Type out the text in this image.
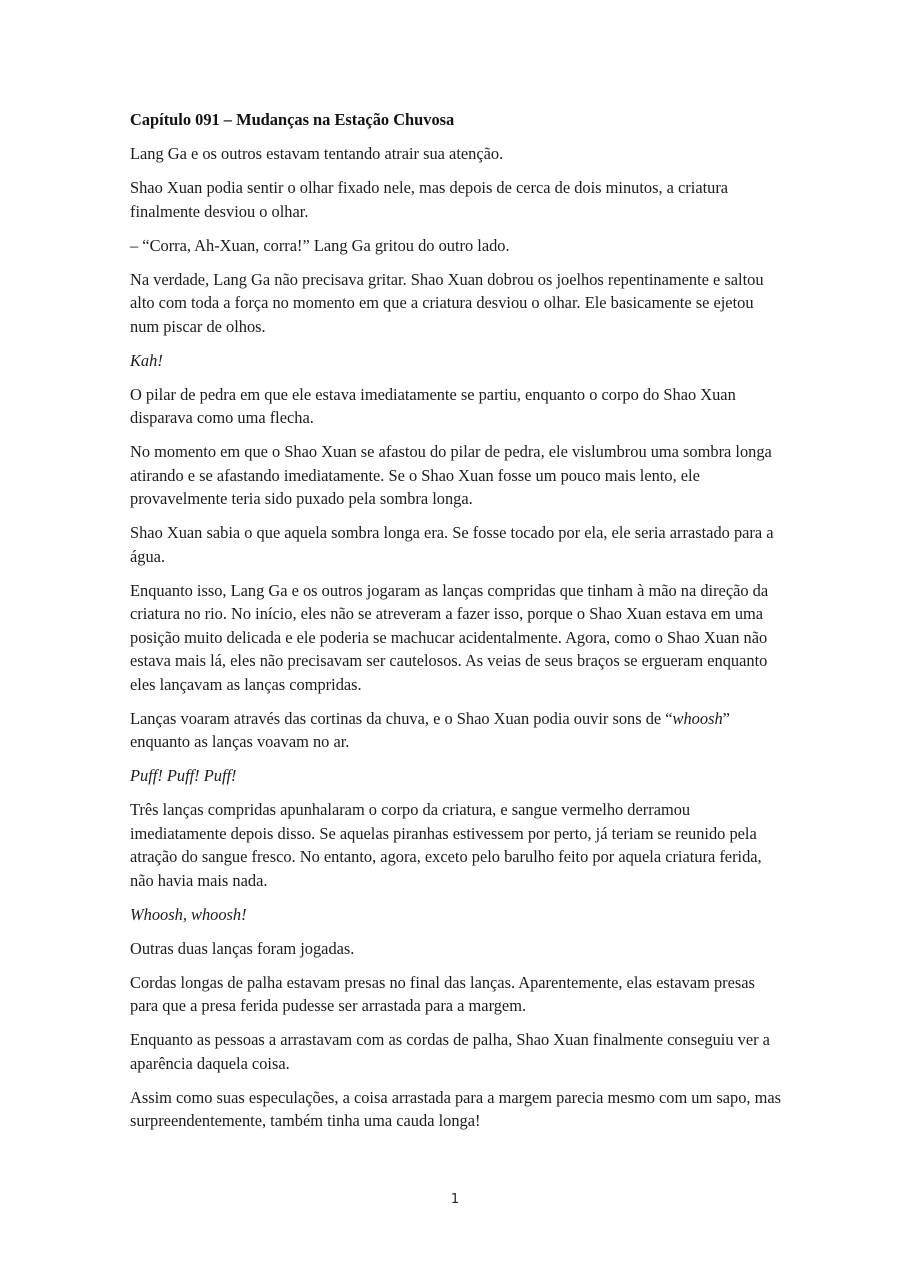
Capítulo 091 – Mudanças na Estação Chuvosa

Lang Ga e os outros estavam tentando atrair sua atenção.

Shao Xuan podia sentir o olhar fixado nele, mas depois de cerca de dois minutos, a criatura finalmente desviou o olhar.

– “Corra, Ah-Xuan, corra!” Lang Ga gritou do outro lado.

Na verdade, Lang Ga não precisava gritar. Shao Xuan dobrou os joelhos repentinamente e saltou alto com toda a força no momento em que a criatura desviou o olhar. Ele basicamente se ejetou num piscar de olhos.

Kah!

O pilar de pedra em que ele estava imediatamente se partiu, enquanto o corpo do Shao Xuan disparava como uma flecha.

No momento em que o Shao Xuan se afastou do pilar de pedra, ele vislumbrou uma sombra longa atirando e se afastando imediatamente. Se o Shao Xuan fosse um pouco mais lento, ele provavelmente teria sido puxado pela sombra longa.

Shao Xuan sabia o que aquela sombra longa era. Se fosse tocado por ela, ele seria arrastado para a água.

Enquanto isso, Lang Ga e os outros jogaram as lanças compridas que tinham à mão na direção da criatura no rio. No início, eles não se atreveram a fazer isso, porque o Shao Xuan estava em uma posição muito delicada e ele poderia se machucar acidentalmente. Agora, como o Shao Xuan não estava mais lá, eles não precisavam ser cautelosos. As veias de seus braços se ergueram enquanto eles lançavam as lanças compridas.

Lanças voaram através das cortinas da chuva, e o Shao Xuan podia ouvir sons de “whoosh” enquanto as lanças voavam no ar.

Puff! Puff! Puff!

Três lanças compridas apunhalaram o corpo da criatura, e sangue vermelho derramou imediatamente depois disso. Se aquelas piranhas estivessem por perto, já teriam se reunido pela atração do sangue fresco. No entanto, agora, exceto pelo barulho feito por aquela criatura ferida, não havia mais nada.

Whoosh, whoosh!

Outras duas lanças foram jogadas.

Cordas longas de palha estavam presas no final das lanças. Aparentemente, elas estavam presas para que a presa ferida pudesse ser arrastada para a margem.

Enquanto as pessoas a arrastavam com as cordas de palha, Shao Xuan finalmente conseguiu ver a aparência daquela coisa.

Assim como suas especulações, a coisa arrastada para a margem parecia mesmo com um sapo, mas surpreendentemente, também tinha uma cauda longa!

1
